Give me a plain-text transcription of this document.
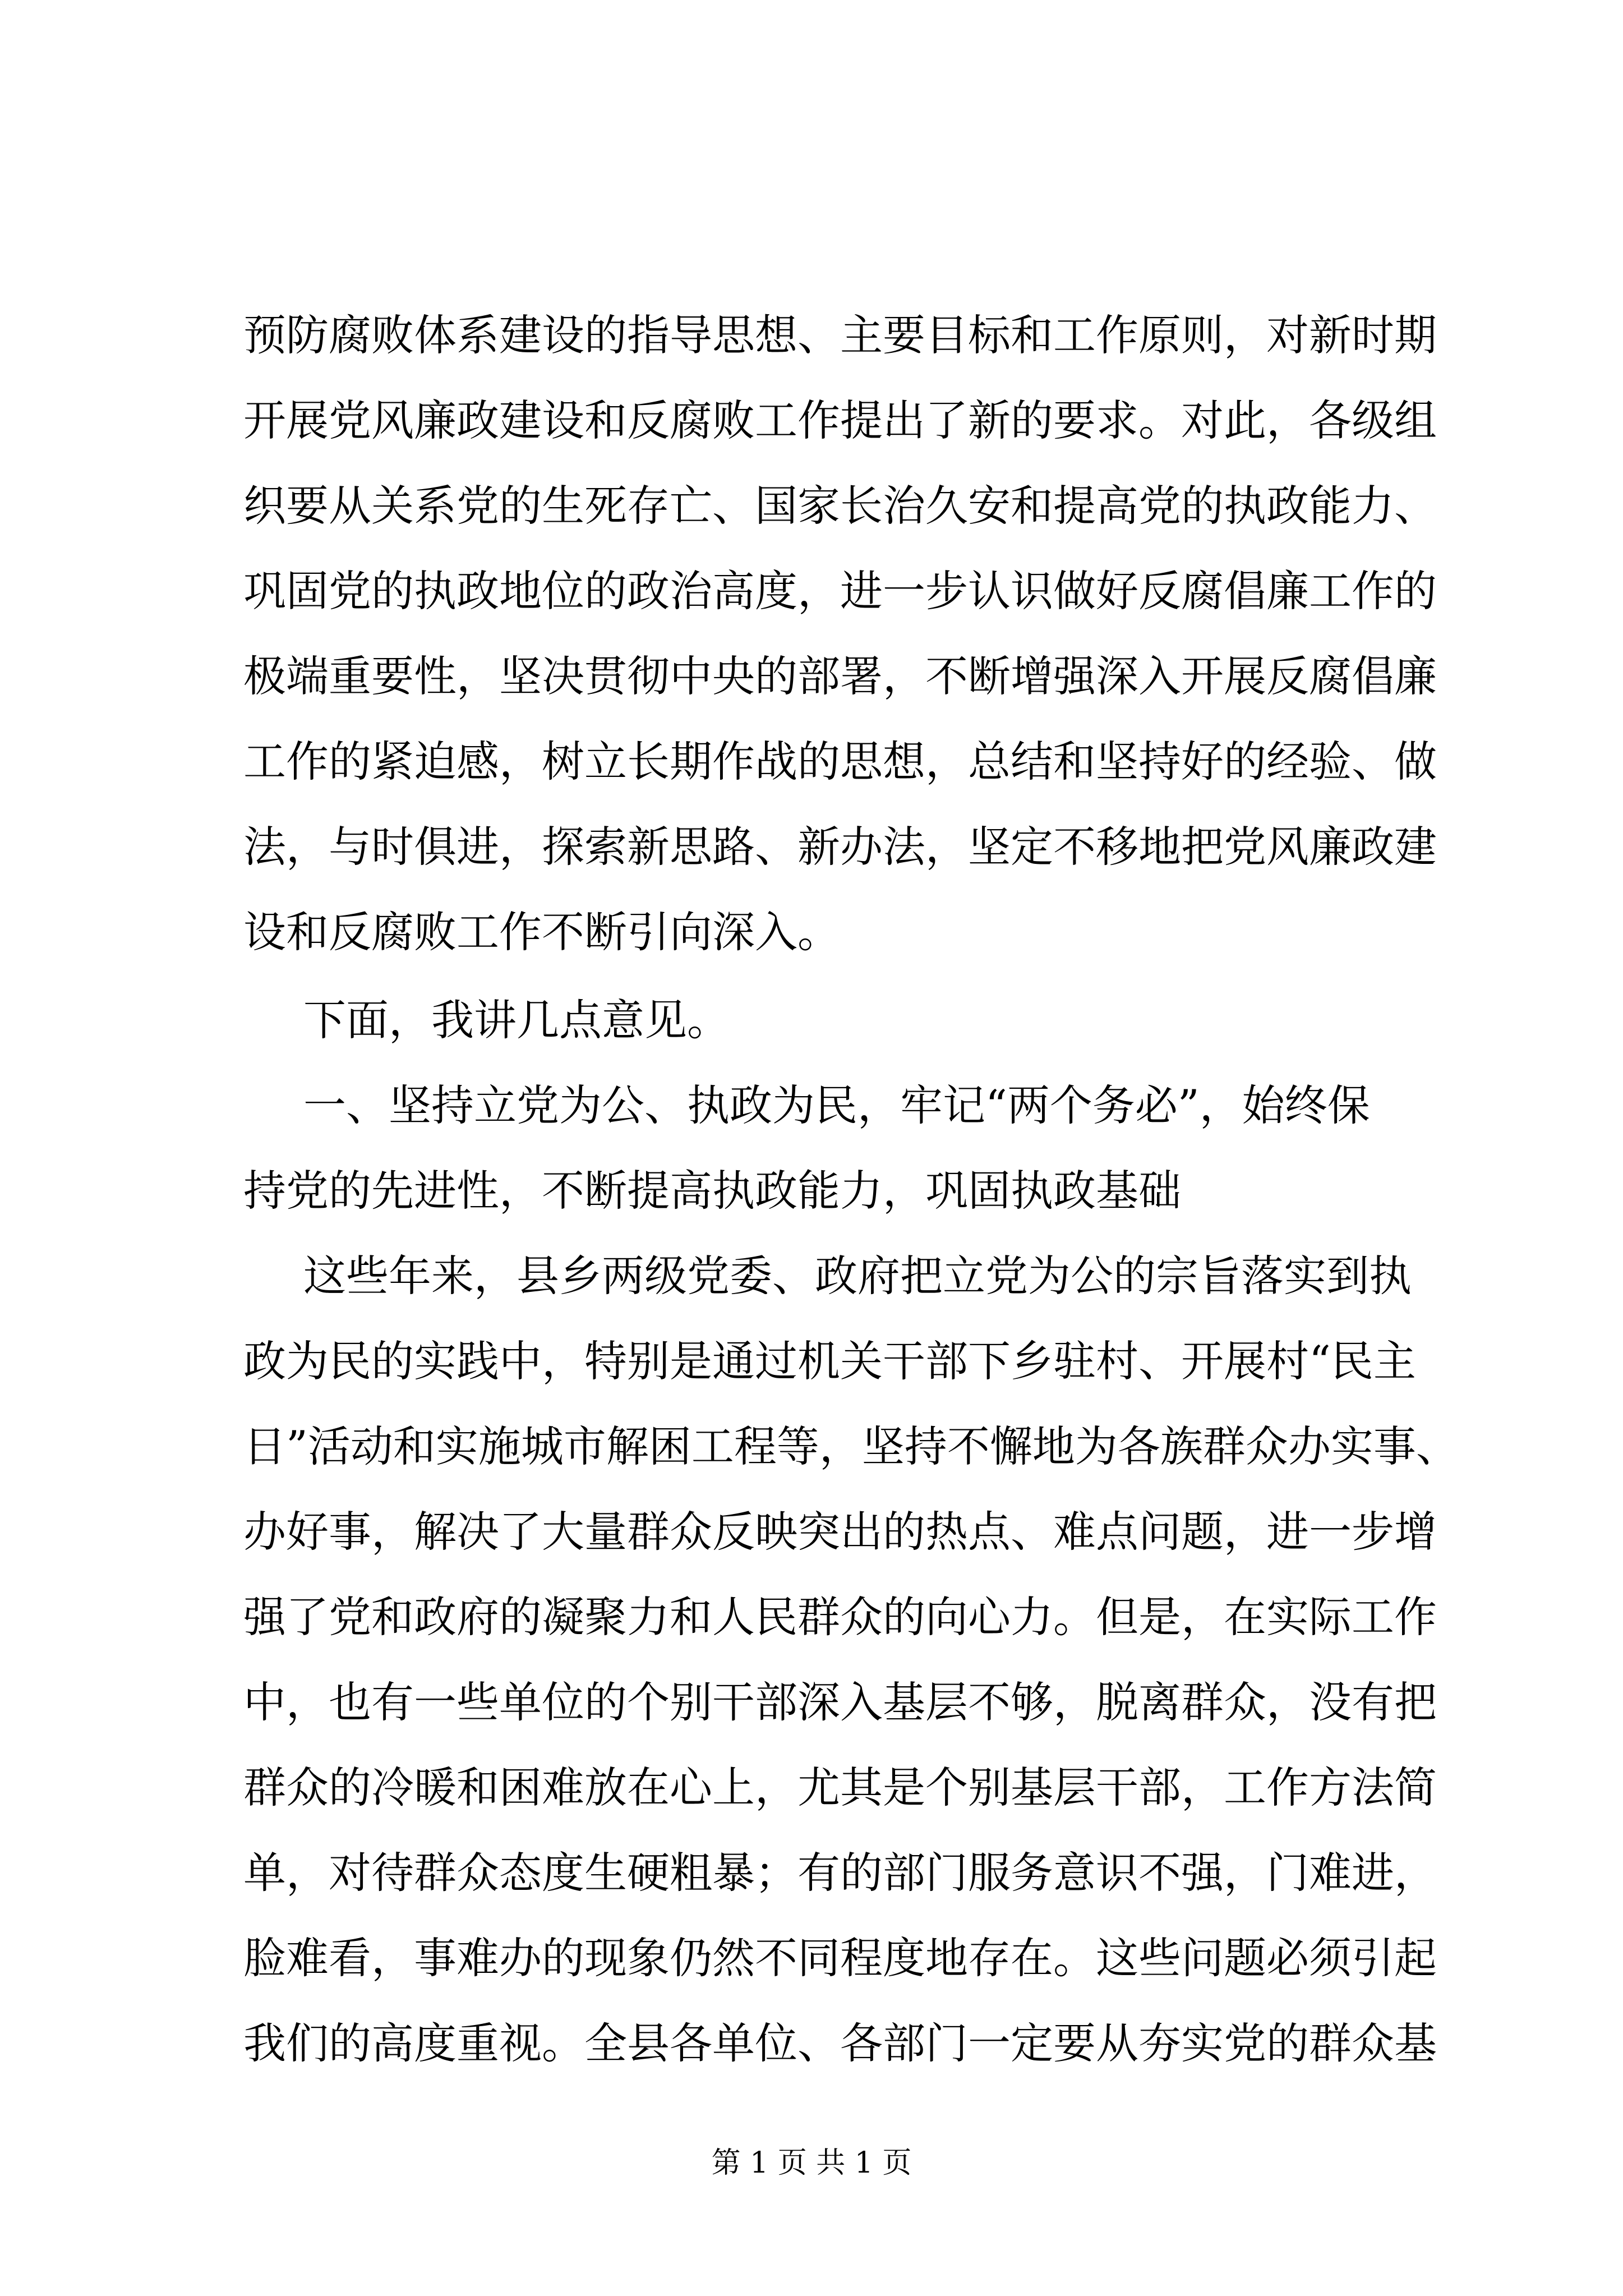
预防腐败体系建设的指导思想、主要目标和工作原则，对新时期
开展党风廉政建设和反腐败工作提出了新的要求。对此，各级组
织要从关系党的生死存亡、国家长治久安和提高党的执政能力、
巩固党的执政地位的政治高度，进一步认识做好反腐倡廉工作的
极端重要性，坚决贯彻中央的部署，不断增强深入开展反腐倡廉
工作的紧迫感，树立长期作战的思想，总结和坚持好的经验、做
法，与时俱进，探索新思路、新办法，坚定不移地把党风廉政建
设和反腐败工作不断引向深入。
下面，我讲几点意见。
一、坚持立党为公、执政为民，牢记“两个务必”，始终保
持党的先进性，不断提高执政能力，巩固执政基础
这些年来，县乡两级党委、政府把立党为公的宗旨落实到执
政为民的实践中，特别是通过机关干部下乡驻村、开展村“民主
日”活动和实施城市解困工程等，坚持不懈地为各族群众办实事、
办好事，解决了大量群众反映突出的热点、难点问题，进一步增
强了党和政府的凝聚力和人民群众的向心力。但是，在实际工作
中，也有一些单位的个别干部深入基层不够，脱离群众，没有把
群众的冷暖和困难放在心上，尤其是个别基层干部，工作方法简
单，对待群众态度生硬粗暴；有的部门服务意识不强，门难进，
脸难看，事难办的现象仍然不同程度地存在。这些问题必须引起
我们的高度重视。全县各单位、各部门一定要从夯实党的群众基
第 1 页 共 1 页
